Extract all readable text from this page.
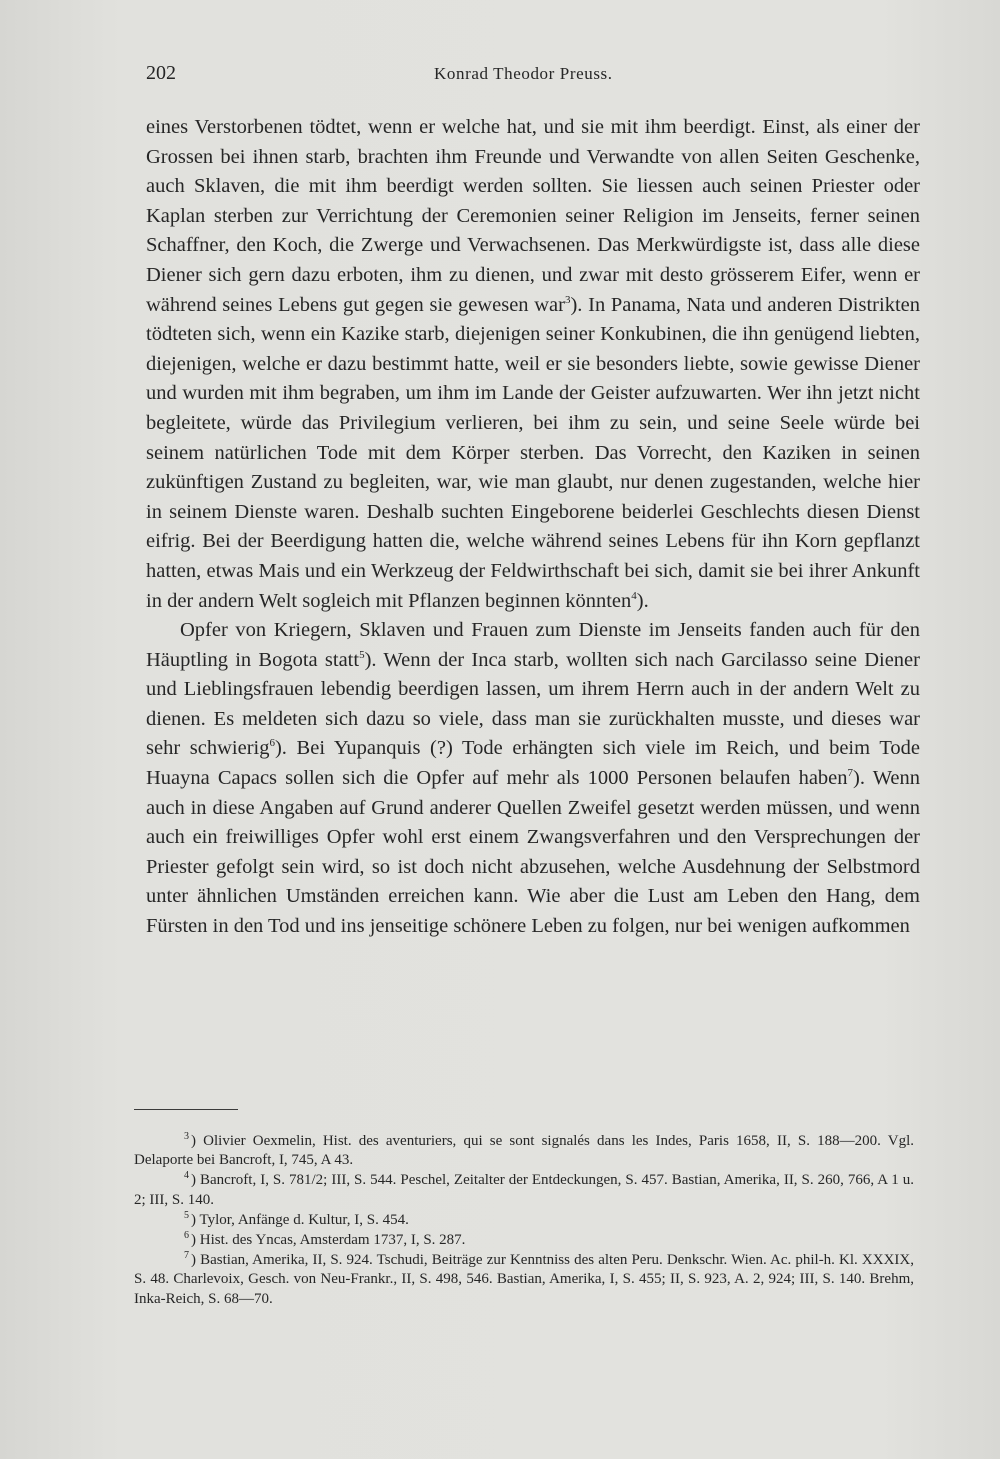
202	Konrad Theodor Preuss.

eines Verstorbenen tödtet, wenn er welche hat, und sie mit ihm beerdigt. Einst, als einer der Grossen bei ihnen starb, brachten ihm Freunde und Verwandte von allen Seiten Geschenke, auch Sklaven, die mit ihm beerdigt werden sollten. Sie liessen auch seinen Priester oder Kaplan sterben zur Verrichtung der Ceremonien seiner Religion im Jenseits, ferner seinen Schaffner, den Koch, die Zwerge und Verwachsenen. Das Merkwürdigste ist, dass alle diese Diener sich gern dazu erboten, ihm zu dienen, und zwar mit desto grösserem Eifer, wenn er während seines Lebens gut gegen sie gewesen war$^3$). In Panama, Nata und anderen Distrikten tödteten sich, wenn ein Kazike starb, diejenigen seiner Konkubinen, die ihn genügend liebten, diejenigen, welche er dazu bestimmt hatte, weil er sie besonders liebte, sowie gewisse Diener und wurden mit ihm begraben, um ihm im Lande der Geister aufzuwarten. Wer ihn jetzt nicht begleitete, würde das Privilegium verlieren, bei ihm zu sein, und seine Seele würde bei seinem natürlichen Tode mit dem Körper sterben. Das Vorrecht, den Kaziken in seinen zukünftigen Zustand zu begleiten, war, wie man glaubt, nur denen zugestanden, welche hier in seinem Dienste waren. Deshalb suchten Eingeborene beiderlei Geschlechts diesen Dienst eifrig. Bei der Beerdigung hatten die, welche während seines Lebens für ihn Korn gepflanzt hatten, etwas Mais und ein Werkzeug der Feldwirthschaft bei sich, damit sie bei ihrer Ankunft in der andern Welt sogleich mit Pflanzen beginnen könnten$^4$).

Opfer von Kriegern, Sklaven und Frauen zum Dienste im Jenseits fanden auch für den Häuptling in Bogota statt$^5$). Wenn der Inca starb, wollten sich nach Garcilasso seine Diener und Lieblingsfrauen lebendig beerdigen lassen, um ihrem Herrn auch in der andern Welt zu dienen. Es meldeten sich dazu so viele, dass man sie zurückhalten musste, und dieses war sehr schwierig$^6$). Bei Yupanquis (?) Tode erhängten sich viele im Reich, und beim Tode Huayna Capacs sollen sich die Opfer auf mehr als 1000 Personen belaufen haben$^7$). Wenn auch in diese Angaben auf Grund anderer Quellen Zweifel gesetzt werden müssen, und wenn auch ein freiwilliges Opfer wohl erst einem Zwangsverfahren und den Versprechungen der Priester gefolgt sein wird, so ist doch nicht abzusehen, welche Ausdehnung der Selbstmord unter ähnlichen Umständen erreichen kann. Wie aber die Lust am Leben den Hang, dem Fürsten in den Tod und ins jenseitige schönere Leben zu folgen, nur bei wenigen aufkommen

$^3$ ) Olivier Oexmelin, Hist. des aventuriers, qui se sont signalés dans les Indes, Paris 1658, II, S. 188—200. Vgl. Delaporte bei Bancroft, I, 745, A 43.

$^4$ ) Bancroft, I, S. 781/2; III, S. 544. Peschel, Zeitalter der Entdeckungen, S. 457. Bastian, Amerika, II, S. 260, 766, A 1 u. 2; III, S. 140.

$^5$ ) Tylor, Anfänge d. Kultur, I, S. 454.

$^6$ ) Hist. des Yncas, Amsterdam 1737, I, S. 287.

$^7$ ) Bastian, Amerika, II, S. 924. Tschudi, Beiträge zur Kenntniss des alten Peru. Denkschr. Wien. Ac. phil-h. Kl. XXXIX, S. 48. Charlevoix, Gesch. von Neu-Frankr., II, S. 498, 546. Bastian, Amerika, I, S. 455; II, S. 923, A. 2, 924; III, S. 140. Brehm, Inka-Reich, S. 68—70.
